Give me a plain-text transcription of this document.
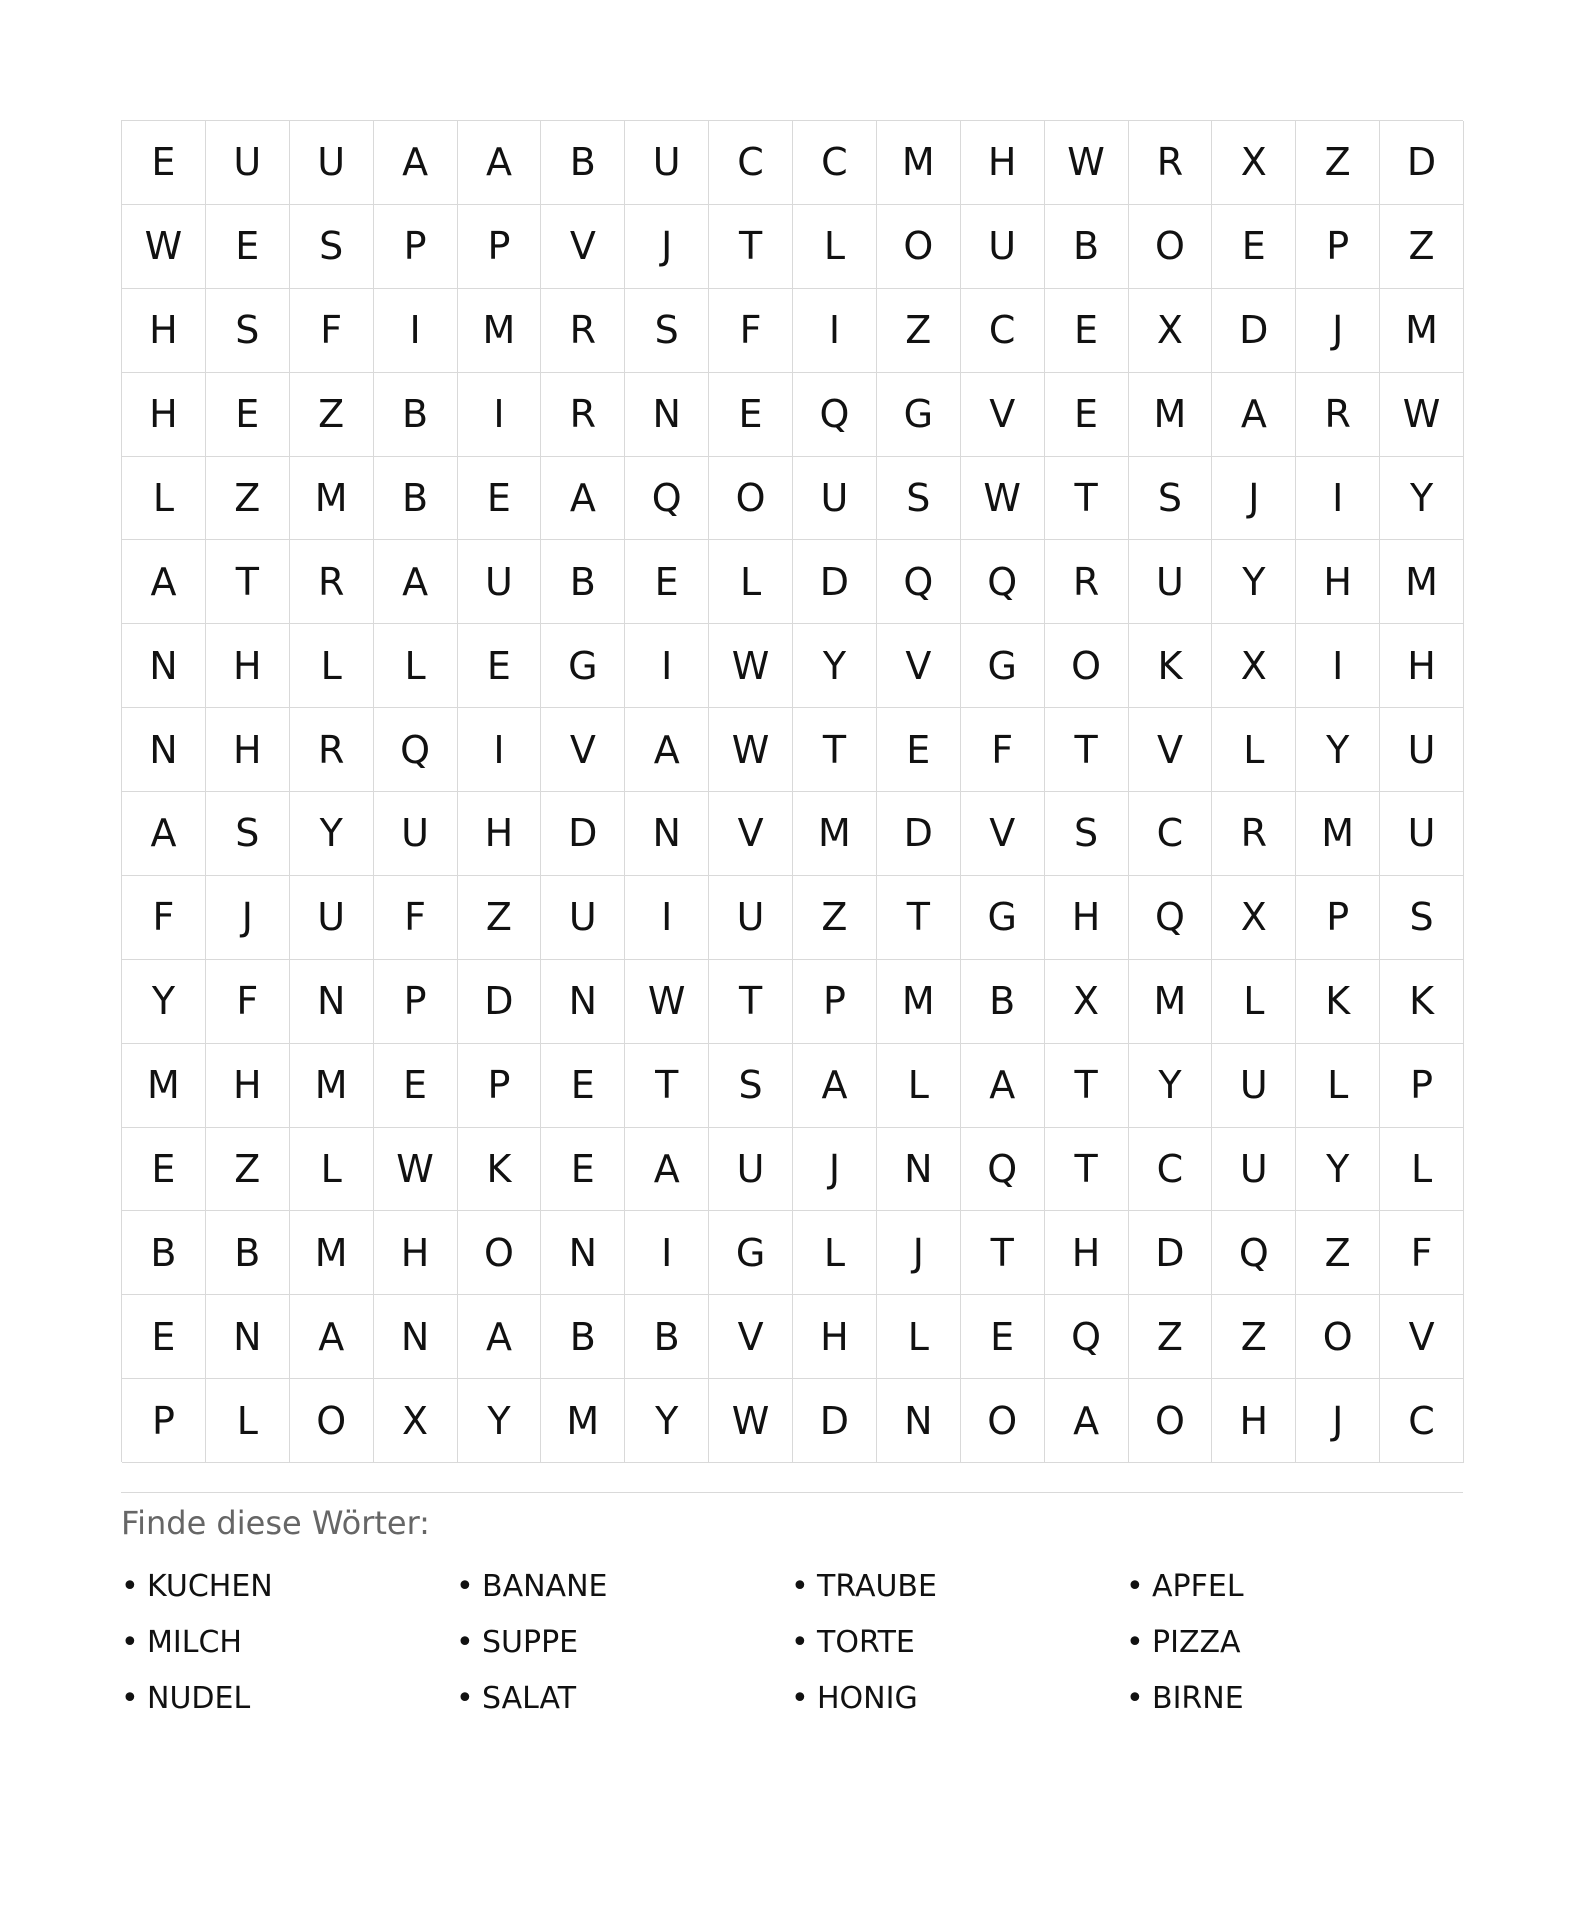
E	U	U	A	A	B	U	C	C	M	H	W	R	X	Z	D
W	E	S	P	P	V	J	T	L	O	U	B	O	E	P	Z
H	S	F	I	M	R	S	F	I	Z	C	E	X	D	J	M
H	E	Z	B	I	R	N	E	Q	G	V	E	M	A	R	W
L	Z	M	B	E	A	Q	O	U	S	W	T	S	J	I	Y
A	T	R	A	U	B	E	L	D	Q	Q	R	U	Y	H	M
N	H	L	L	E	G	I	W	Y	V	G	O	K	X	I	H
N	H	R	Q	I	V	A	W	T	E	F	T	V	L	Y	U
A	S	Y	U	H	D	N	V	M	D	V	S	C	R	M	U
F	J	U	F	Z	U	I	U	Z	T	G	H	Q	X	P	S
Y	F	N	P	D	N	W	T	P	M	B	X	M	L	K	K
M	H	M	E	P	E	T	S	A	L	A	T	Y	U	L	P
E	Z	L	W	K	E	A	U	J	N	Q	T	C	U	Y	L
B	B	M	H	O	N	I	G	L	J	T	H	D	Q	Z	F
E	N	A	N	A	B	B	V	H	L	E	Q	Z	Z	O	V
P	L	O	X	Y	M	Y	W	D	N	O	A	O	H	J	C
Finde diese Wörter:
• KUCHEN	• BANANE	• TRAUBE	• APFEL
• MILCH	• SUPPE	• TORTE	• PIZZA
• NUDEL	• SALAT	• HONIG	• BIRNE
